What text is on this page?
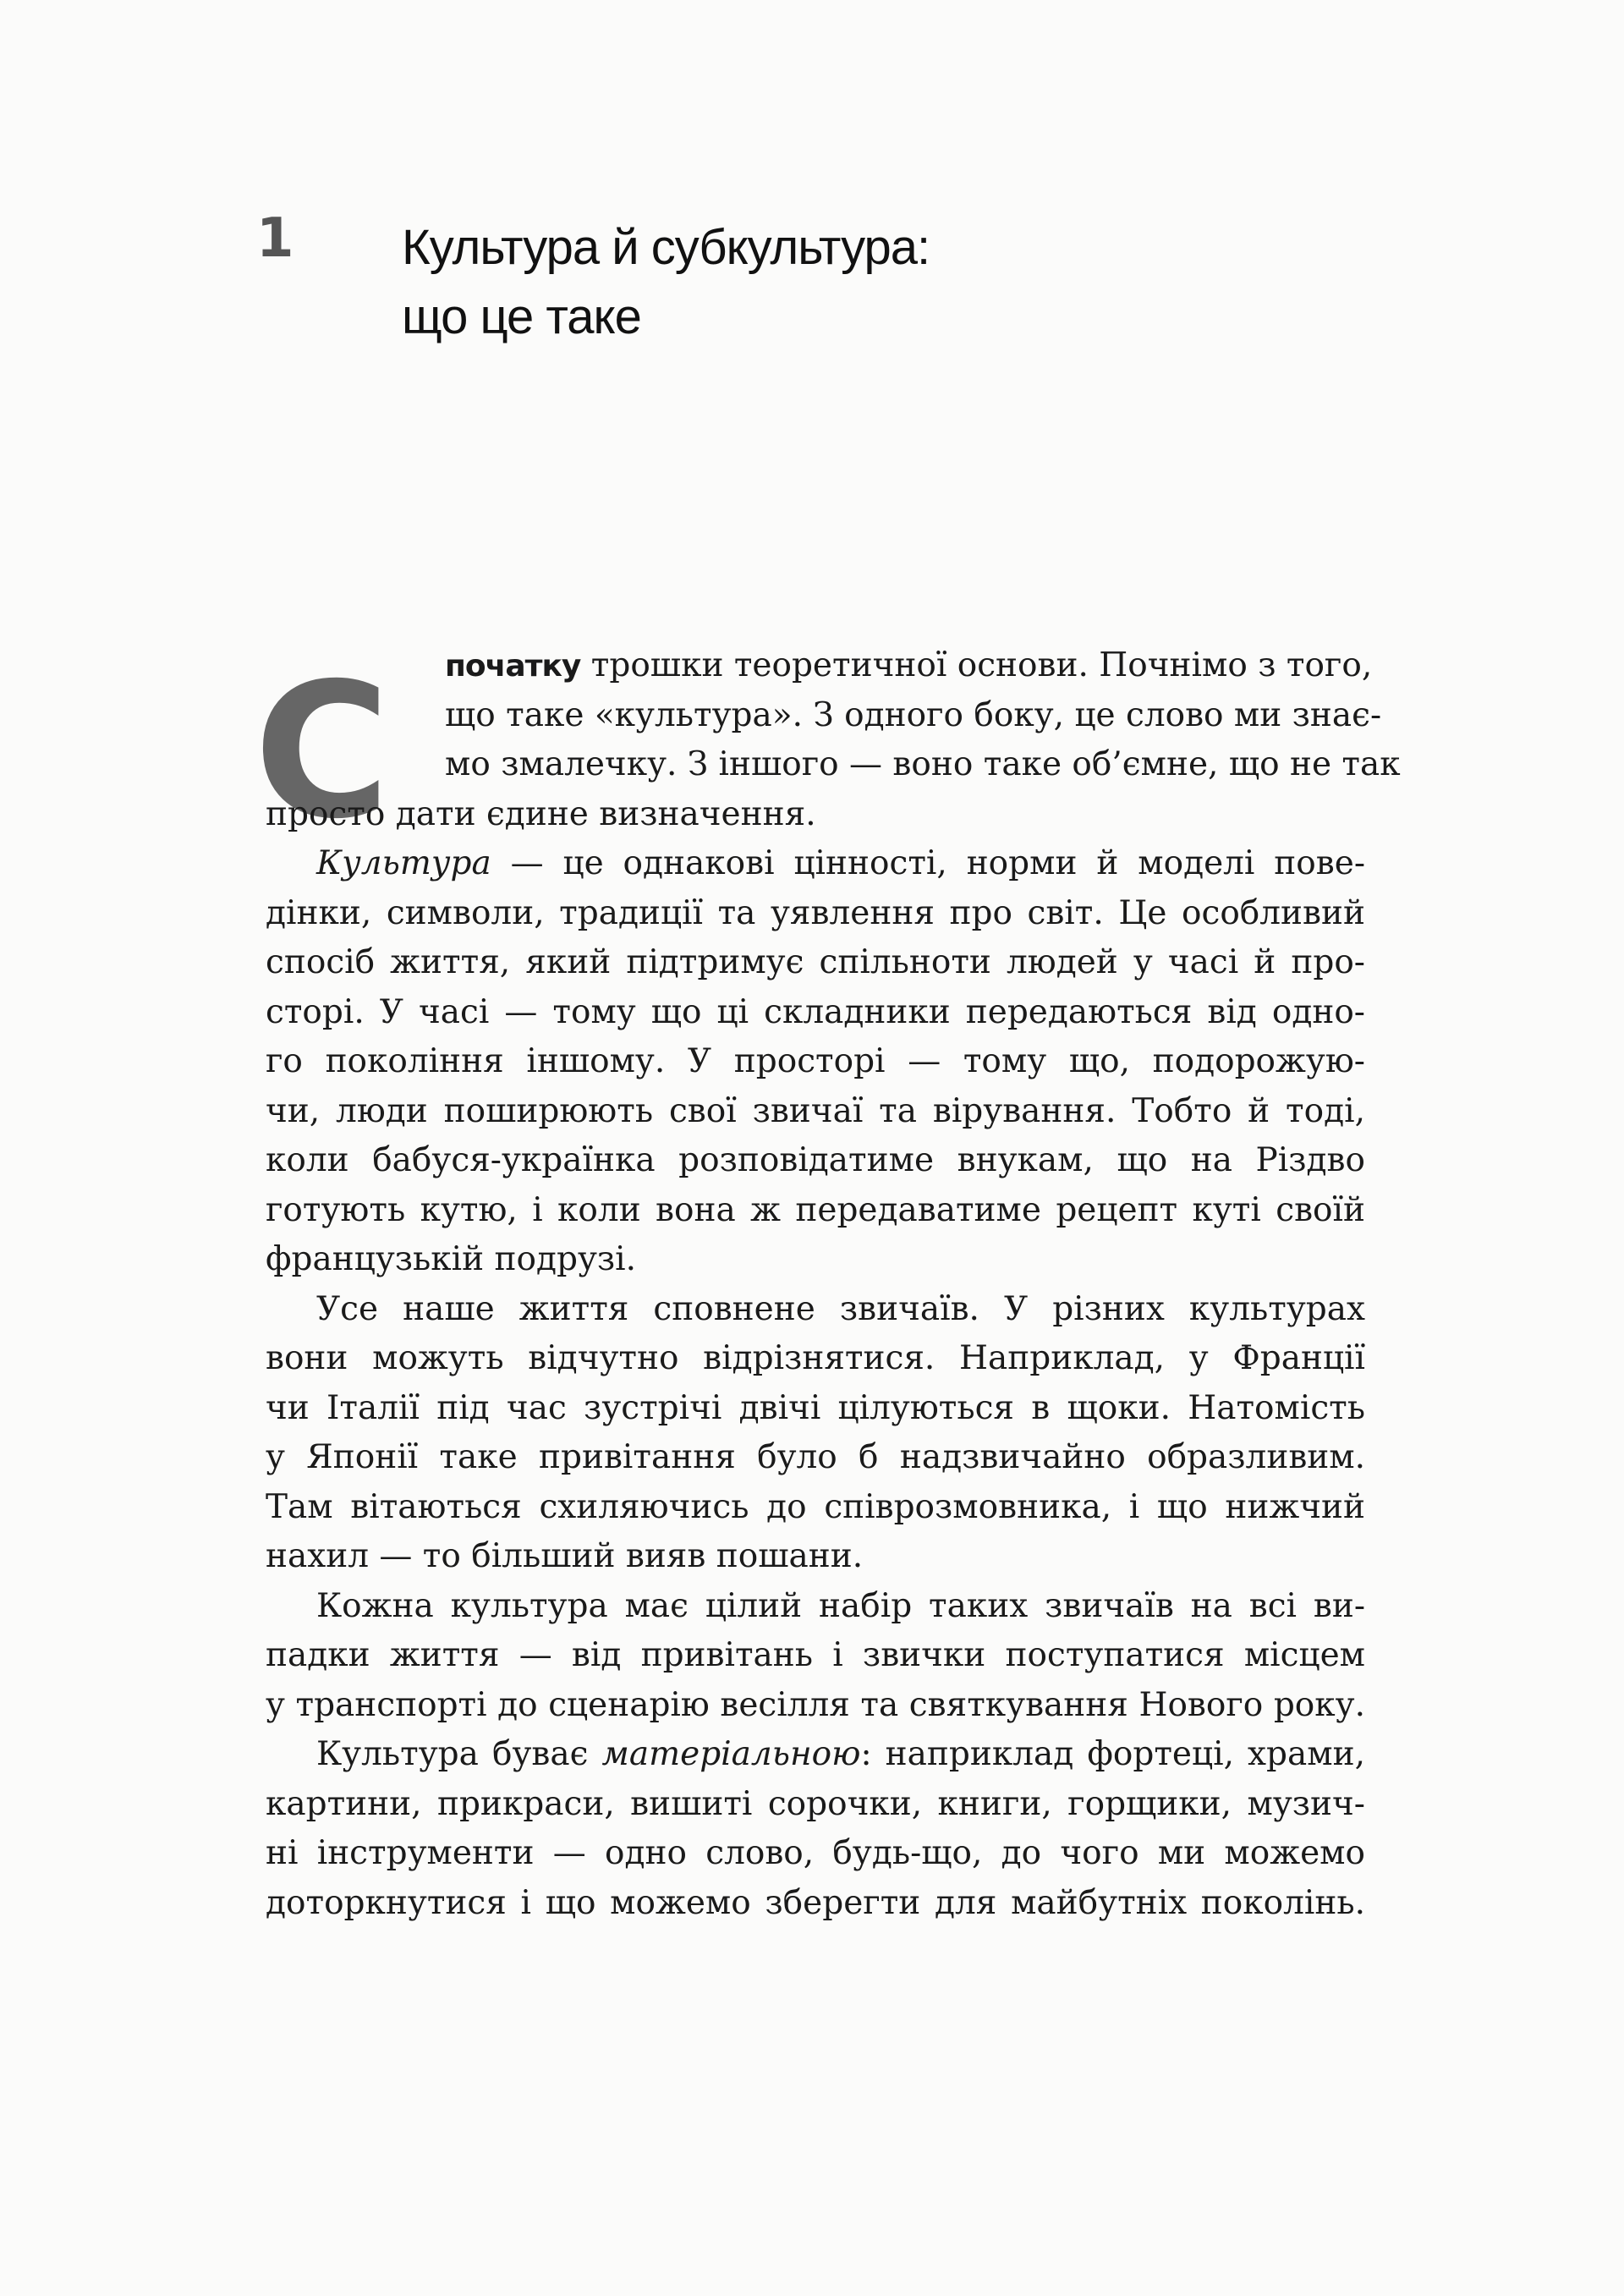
1 Культура й субкультура:
що це таке
С	початку трошки теоретичної основи. Почнімо з того,
що таке «культура». З одного боку, це слово ми знає-
мо змалечку. З іншого — воно таке об’ємне, що не так
просто дати єдине визначення.
Культура — це однакові цінності, норми й моделі пове-
дінки, символи, традиції та уявлення про світ. Це особливий
спосіб життя, який підтримує спільноти людей у часі й про-
сторі. У часі — тому що ці складники передаються від одно-
го покоління іншому. У просторі — тому що, подорожую-
чи, люди поширюють свої звичаї та вірування. Тобто й тоді,
коли бабуся-українка розповідатиме внукам, що на Різдво
готують кутю, і коли вона ж передаватиме рецепт куті своїй
французькій подрузі.
Усе наше життя сповнене звичаїв. У різних культурах
вони можуть відчутно відрізнятися. Наприклад, у Франції
чи Італії під час зустрічі двічі цілуються в щоки. Натомість
у Японії таке привітання було б надзвичайно образливим.
Там вітаються схиляючись до співрозмовника, і що нижчий
нахил — то більший вияв пошани.
Кожна культура має цілий набір таких звичаїв на всі ви-
падки життя — від привітань і звички поступатися місцем
у транспорті до сценарію весілля та святкування Нового року.
Культура буває матеріальною: наприклад фортеці, храми,
картини, прикраси, вишиті сорочки, книги, горщики, музич-
ні інструменти — одно слово, будь-що, до чого ми можемо
доторкнутися і що можемо зберегти для майбутніх поколінь.
